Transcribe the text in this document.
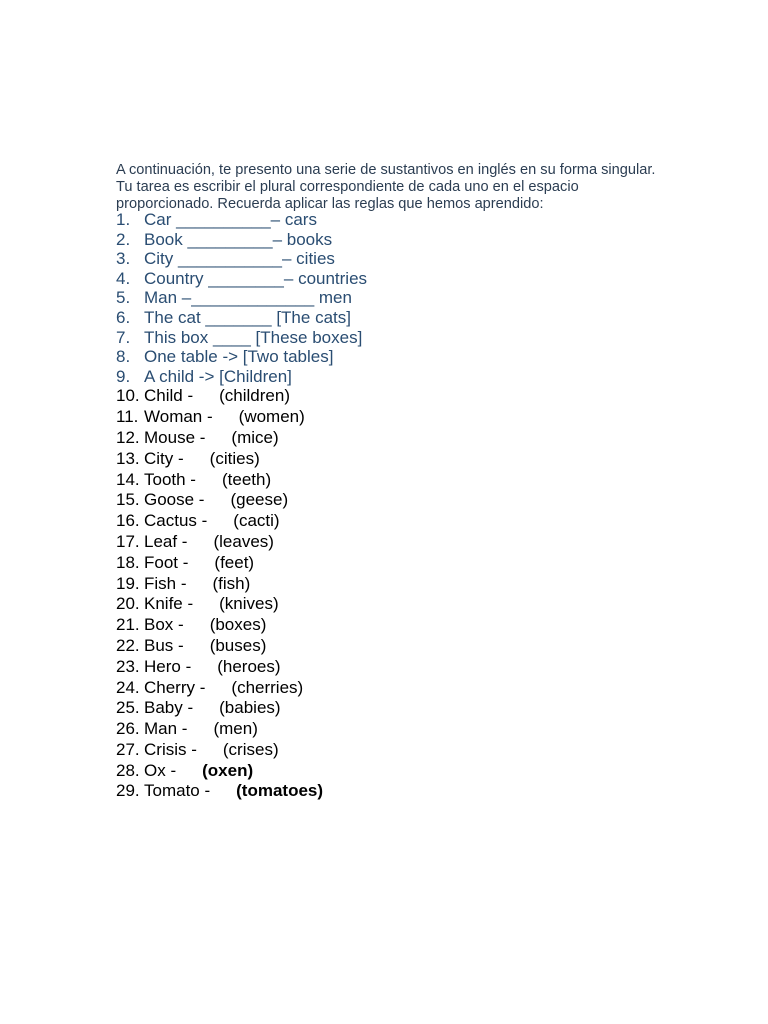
A continuación, te presento una serie de sustantivos en inglés en su forma singular. Tu tarea es escribir el plural correspondiente de cada uno en el espacio proporcionado. Recuerda aplicar las reglas que hemos aprendido:

1. Car __________– cars
2. Book _________– books
3. City ___________– cities
4. Country ________– countries
5. Man –_____________ men
6. The cat _______ [The cats]
7. This box ____ [These boxes]
8. One table -> [Two tables]
9. A child -> [Children]
10. Child - (children)
11. Woman - (women)
12. Mouse - (mice)
13. City - (cities)
14. Tooth - (teeth)
15. Goose - (geese)
16. Cactus - (cacti)
17. Leaf - (leaves)
18. Foot - (feet)
19. Fish - (fish)
20. Knife - (knives)
21. Box - (boxes)
22. Bus - (buses)
23. Hero - (heroes)
24. Cherry - (cherries)
25. Baby - (babies)
26. Man - (men)
27. Crisis - (crises)
28. Ox - (oxen)
29. Tomato - (tomatoes)
